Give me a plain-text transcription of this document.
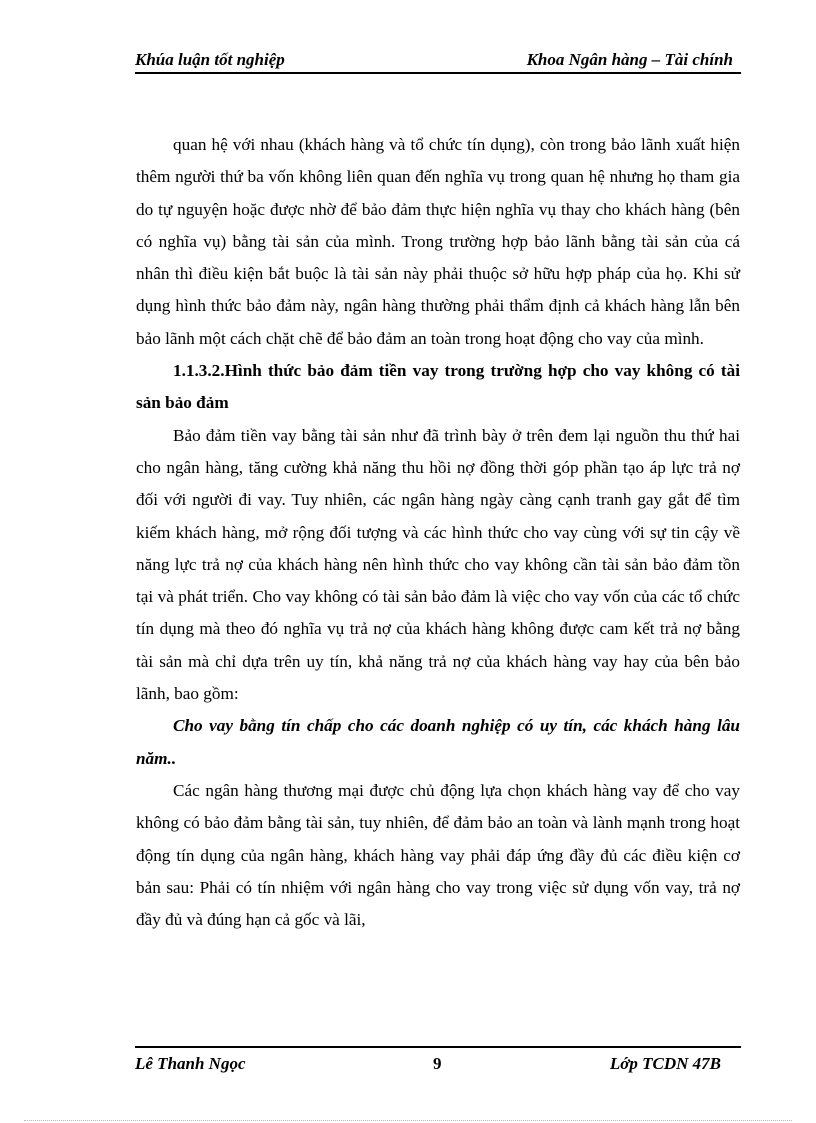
Khúa luận tốt nghiệp	Khoa Ngân hàng – Tài chính

quan hệ với nhau (khách hàng và tổ chức tín dụng), còn trong bảo lãnh xuất hiện thêm người thứ ba vốn không liên quan đến nghĩa vụ trong quan hệ nhưng họ tham gia do tự nguyện hoặc được nhờ để bảo đảm thực hiện nghĩa vụ thay cho khách hàng (bên có nghĩa vụ) bằng tài sản của mình. Trong trường hợp bảo lãnh bằng tài sản của cá nhân thì điều kiện bắt buộc là tài sản này phải thuộc sở hữu hợp pháp của họ. Khi sử dụng hình thức bảo đảm này, ngân hàng thường phải thẩm định cả khách hàng lẫn bên bảo lãnh một cách chặt chẽ để bảo đảm an toàn trong hoạt động cho vay của mình.

1.1.3.2.Hình thức bảo đảm tiền vay trong trường hợp cho vay không có tài sản bảo đảm

Bảo đảm tiền vay bằng tài sản như đã trình bày ở trên đem lại nguồn thu thứ hai cho ngân hàng, tăng cường khả năng thu hồi nợ đồng thời góp phần tạo áp lực trả nợ đối với người đi vay. Tuy nhiên, các ngân hàng ngày càng cạnh tranh gay gắt để tìm kiếm khách hàng, mở rộng đối tượng và các hình thức cho vay cùng với sự tin cậy về năng lực trả nợ của khách hàng nên hình thức cho vay không cần tài sản bảo đảm tồn tại và phát triển. Cho vay không có tài sản bảo đảm là việc cho vay vốn của các tổ chức tín dụng mà theo đó nghĩa vụ trả nợ của khách hàng không được cam kết trả nợ bằng tài sản mà chỉ dựa trên uy tín, khả năng trả nợ của khách hàng vay hay của bên bảo lãnh, bao gồm:

Cho vay bằng tín chấp cho các doanh nghiệp có uy tín, các khách hàng lâu năm..

Các ngân hàng thương mại được chủ động lựa chọn khách hàng vay để cho vay không có bảo đảm bằng tài sản, tuy nhiên, để đảm bảo an toàn và lành mạnh trong hoạt động tín dụng của ngân hàng, khách hàng vay phải đáp ứng đầy đủ các điều kiện cơ bản sau: Phải có tín nhiệm với ngân hàng cho vay trong việc sử dụng vốn vay, trả nợ đầy đủ và đúng hạn cả gốc và lãi,

Lê Thanh Ngọc	9	Lớp TCDN 47B
